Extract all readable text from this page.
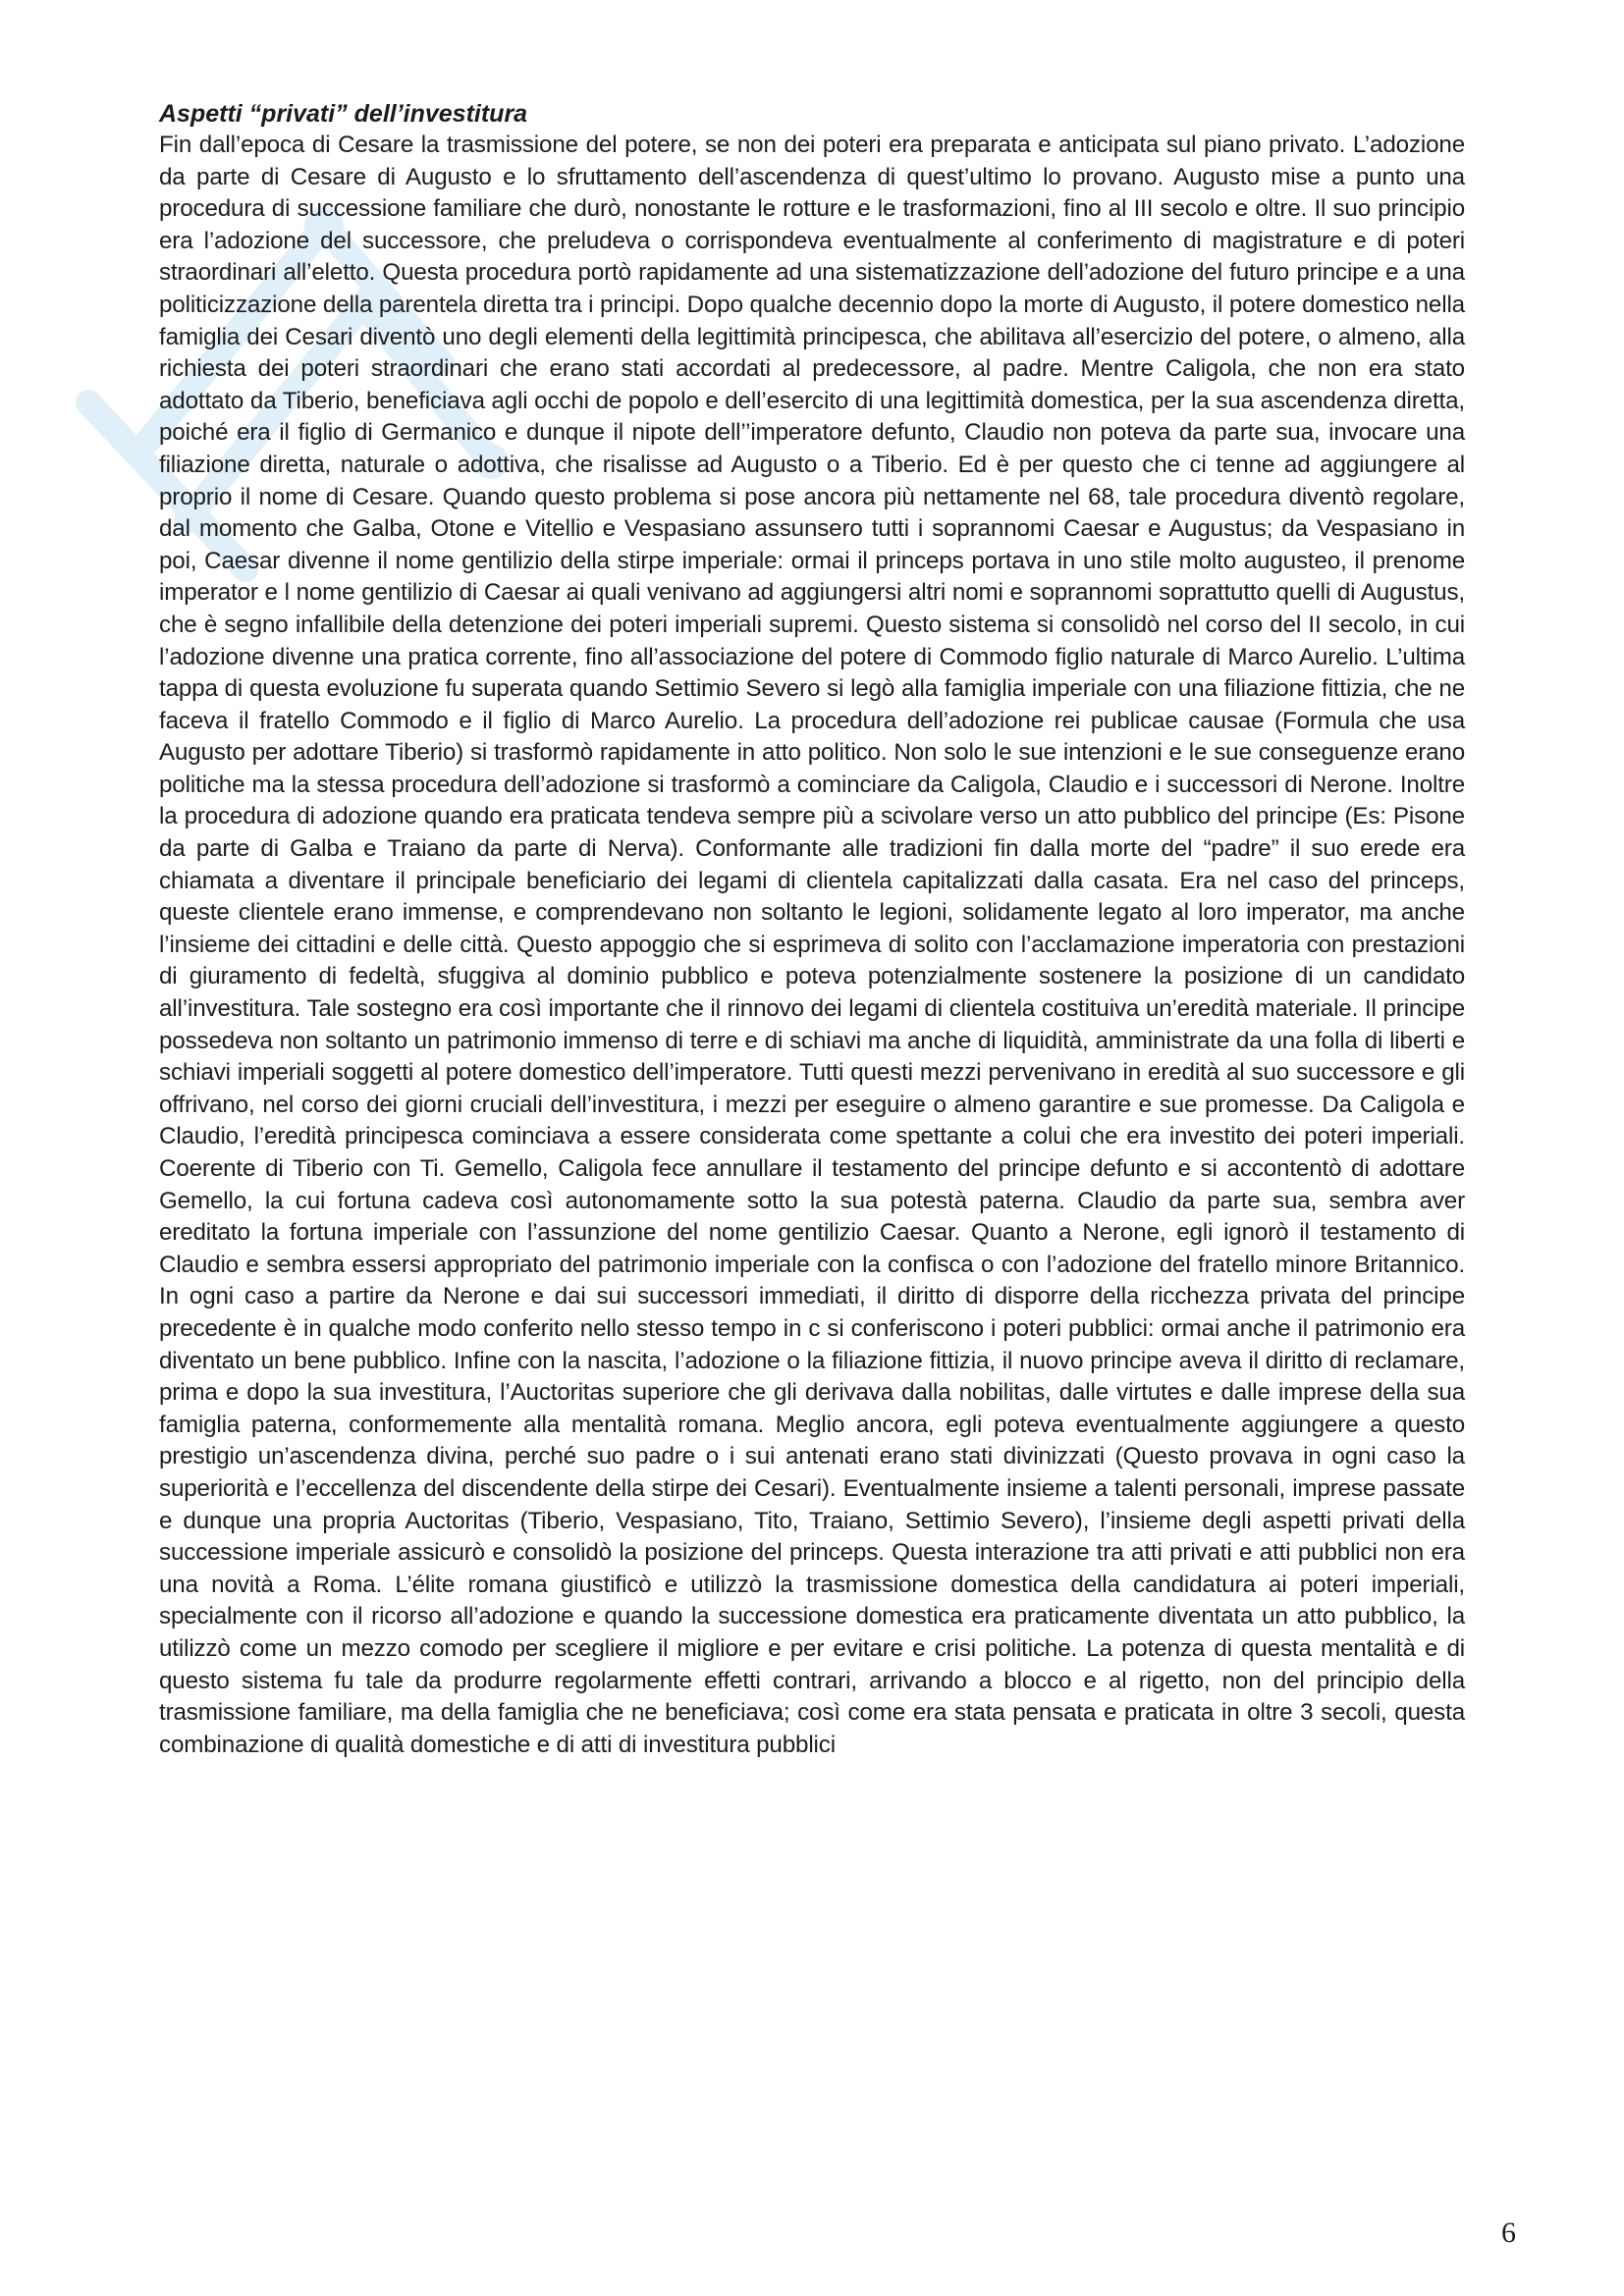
Aspetti “privati” dell’investitura

Fin dall’epoca di Cesare la trasmissione del potere, se non dei poteri era preparata e anticipata sul piano privato. L’adozione da parte di Cesare di Augusto e lo sfruttamento dell’ascendenza di quest’ultimo lo provano. Augusto mise a punto una procedura di successione familiare che durò, nonostante le rotture e le trasformazioni, fino al III secolo e oltre. Il suo principio era l’adozione del successore, che preludeva o corrispondeva eventualmente al conferimento di magistrature e di poteri straordinari all’eletto. Questa procedura portò rapidamente ad una sistematizzazione dell’adozione del futuro principe e a una politicizzazione della parentela diretta tra i principi. Dopo qualche decennio dopo la morte di Augusto, il potere domestico nella famiglia dei Cesari diventò uno degli elementi della legittimità principesca, che abilitava all’esercizio del potere, o almeno, alla richiesta dei poteri straordinari che erano stati accordati al predecessore, al padre. Mentre Caligola, che non era stato adottato da Tiberio, beneficiava agli occhi de popolo e dell’esercito di una legittimità domestica, per la sua ascendenza diretta, poiché era il figlio di Germanico e dunque il nipote dell’’imperatore defunto, Claudio non poteva da parte sua, invocare una filiazione diretta, naturale o adottiva, che risalisse ad Augusto o a Tiberio. Ed è per questo che ci tenne ad aggiungere al proprio il nome di Cesare. Quando questo problema si pose ancora più nettamente nel 68, tale procedura diventò regolare, dal momento che Galba, Otone e Vitellio e Vespasiano assunsero tutti i soprannomi Caesar e Augustus; da Vespasiano in poi, Caesar divenne il nome gentilizio della stirpe imperiale: ormai il princeps portava in uno stile molto augusteo, il prenome imperator e l nome gentilizio di Caesar ai quali venivano ad aggiungersi altri nomi e soprannomi soprattutto quelli di Augustus, che è segno infallibile della detenzione dei poteri imperiali supremi. Questo sistema si consolidò nel corso del II secolo, in cui l’adozione divenne una pratica corrente, fino all’associazione del potere di Commodo figlio naturale di Marco Aurelio. L’ultima tappa di questa evoluzione fu superata quando Settimio Severo si legò alla famiglia imperiale con una filiazione fittizia, che ne faceva il fratello Commodo e il figlio di Marco Aurelio. La procedura dell’adozione rei publicae causae (Formula che usa Augusto per adottare Tiberio) si trasformò rapidamente in atto politico. Non solo le sue intenzioni e le sue conseguenze erano politiche ma la stessa procedura dell’adozione si trasformò a cominciare da Caligola, Claudio e i successori di Nerone. Inoltre la procedura di adozione quando era praticata tendeva sempre più a scivolare verso un atto pubblico del principe (Es: Pisone da parte di Galba e Traiano da parte di Nerva). Conformante alle tradizioni fin dalla morte del “padre” il suo erede era chiamata a diventare il principale beneficiario dei legami di clientela capitalizzati dalla casata. Era nel caso del princeps, queste clientele erano immense, e comprendevano non soltanto le legioni, solidamente legato al loro imperator, ma anche l’insieme dei cittadini e delle città. Questo appoggio che si esprimeva di solito con l’acclamazione imperatoria con prestazioni di giuramento di fedeltà, sfuggiva al dominio pubblico e poteva potenzialmente sostenere la posizione di un candidato all’investitura. Tale sostegno era così importante che il rinnovo dei legami di clientela costituiva un’eredità materiale. Il principe possedeva non soltanto un patrimonio immenso di terre e di schiavi ma anche di liquidità, amministrate da una folla di liberti e schiavi imperiali soggetti al potere domestico dell’imperatore. Tutti questi mezzi pervenivano in eredità al suo successore e gli offrivano, nel corso dei giorni cruciali dell’investitura, i mezzi per eseguire o almeno garantire e sue promesse. Da Caligola e Claudio, l’eredità principesca cominciava a essere considerata come spettante a colui che era investito dei poteri imperiali. Coerente di Tiberio con Ti. Gemello, Caligola fece annullare il testamento del principe defunto e si accontentò di adottare Gemello, la cui fortuna cadeva così autonomamente sotto la sua potestà paterna. Claudio da parte sua, sembra aver ereditato la fortuna imperiale con l’assunzione del nome gentilizio Caesar. Quanto a Nerone, egli ignorò il testamento di Claudio e sembra essersi appropriato del patrimonio imperiale con la confisca o con l’adozione del fratello minore Britannico. In ogni caso a partire da Nerone e dai sui successori immediati, il diritto di disporre della ricchezza privata del principe precedente è in qualche modo conferito nello stesso tempo in c si conferiscono i poteri pubblici: ormai anche il patrimonio era diventato un bene pubblico. Infine con la nascita, l’adozione o la filiazione fittizia, il nuovo principe aveva il diritto di reclamare, prima e dopo la sua investitura, l’Auctoritas superiore che gli derivava dalla nobilitas, dalle virtutes e dalle imprese della sua famiglia paterna, conformemente alla mentalità romana. Meglio ancora, egli poteva eventualmente aggiungere a questo prestigio un’ascendenza divina, perché suo padre o i sui antenati erano stati divinizzati (Questo provava in ogni caso la superiorità e l’eccellenza del discendente della stirpe dei Cesari). Eventualmente insieme a talenti personali, imprese passate e dunque una propria Auctoritas (Tiberio, Vespasiano, Tito, Traiano, Settimio Severo), l’insieme degli aspetti privati della successione imperiale assicurò e consolidò la posizione del princeps. Questa interazione tra atti privati e atti pubblici non era una novità a Roma. L’élite romana giustificò e utilizzò la trasmissione domestica della candidatura ai poteri imperiali, specialmente con il ricorso all’adozione e quando la successione domestica era praticamente diventata un atto pubblico, la utilizzò come un mezzo comodo per scegliere il migliore e per evitare e crisi politiche. La potenza di questa mentalità e di questo sistema fu tale da produrre regolarmente effetti contrari, arrivando a blocco e al rigetto, non del principio della trasmissione familiare, ma della famiglia che ne beneficiava; così come era stata pensata e praticata in oltre 3 secoli, questa combinazione di qualità domestiche e di atti di investitura pubblici

6
